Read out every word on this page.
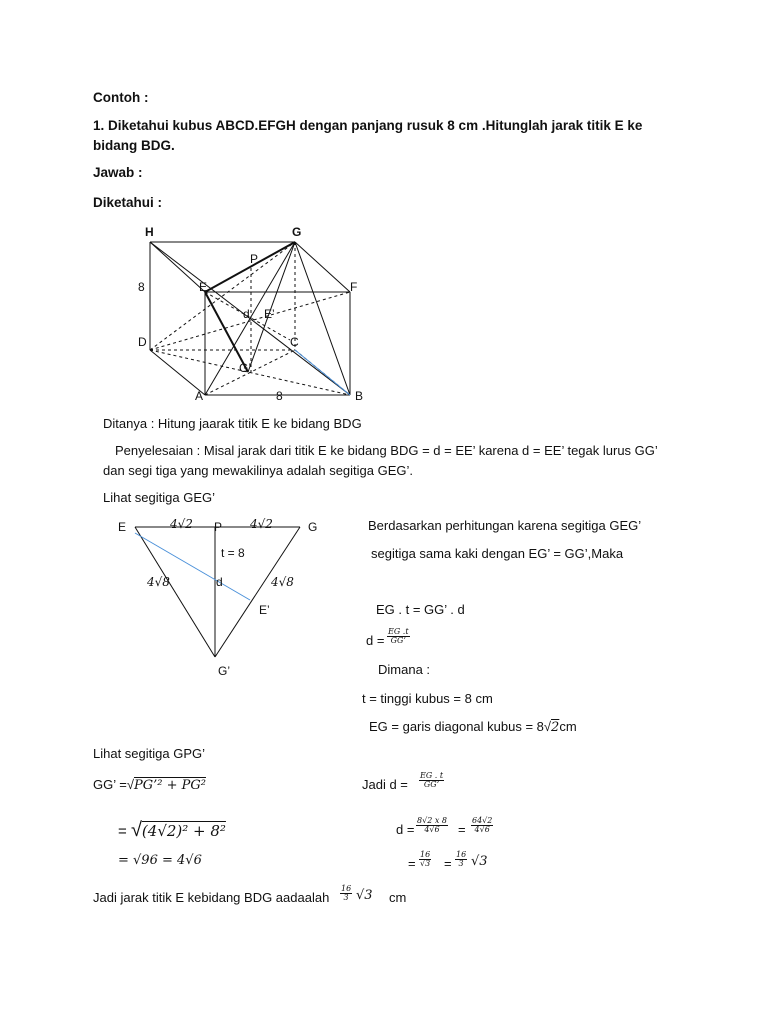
Contoh :
1. Diketahui kubus ABCD.EFGH dengan panjang rusuk 8 cm .Hitunglah jarak titik E ke
bidang BDG.
Jawab :
Diketahui :
H	G
P
8	E	F
d E’
D	C
G’
A	8	B
E	4√2 P 4√2	G
t = 8
4√8	d	4√8
E’
G’
Ditanya : Hitung jaarak titik E ke bidang BDG
Penyelesaian : Misal jarak dari titik E ke bidang BDG = d = EE’ karena d = EE’ tegak lurus GG’
dan segi tiga yang mewakilinya adalah segitiga GEG’.
Lihat segitiga GEG’
Berdasarkan perhitungan karena segitiga GEG’
segitiga sama kaki dengan EG’ = GG’,Maka
EG . t = GG’ . d
$d = \frac{EG .t}{GG’}$
Dimana :
t = tinggi kubus = 8 cm
EG = garis diagonal kubus = 8√2cm
Lihat segitiga GPG’
GG’ =√PG’² + PG²
= √(4√2)² + 8²
= √96 = 4√6
Jadi $d = \frac{EG . t}{GG’}$
$d = \frac{8√2 x 8}{4√6} = \frac{64√2}{4√6}$
= $\frac{16}{√3} = \frac{16}{3} √3$
Jadi jarak titik E kebidang BDG aadaalah $\frac{16}{3} √3$ cm
